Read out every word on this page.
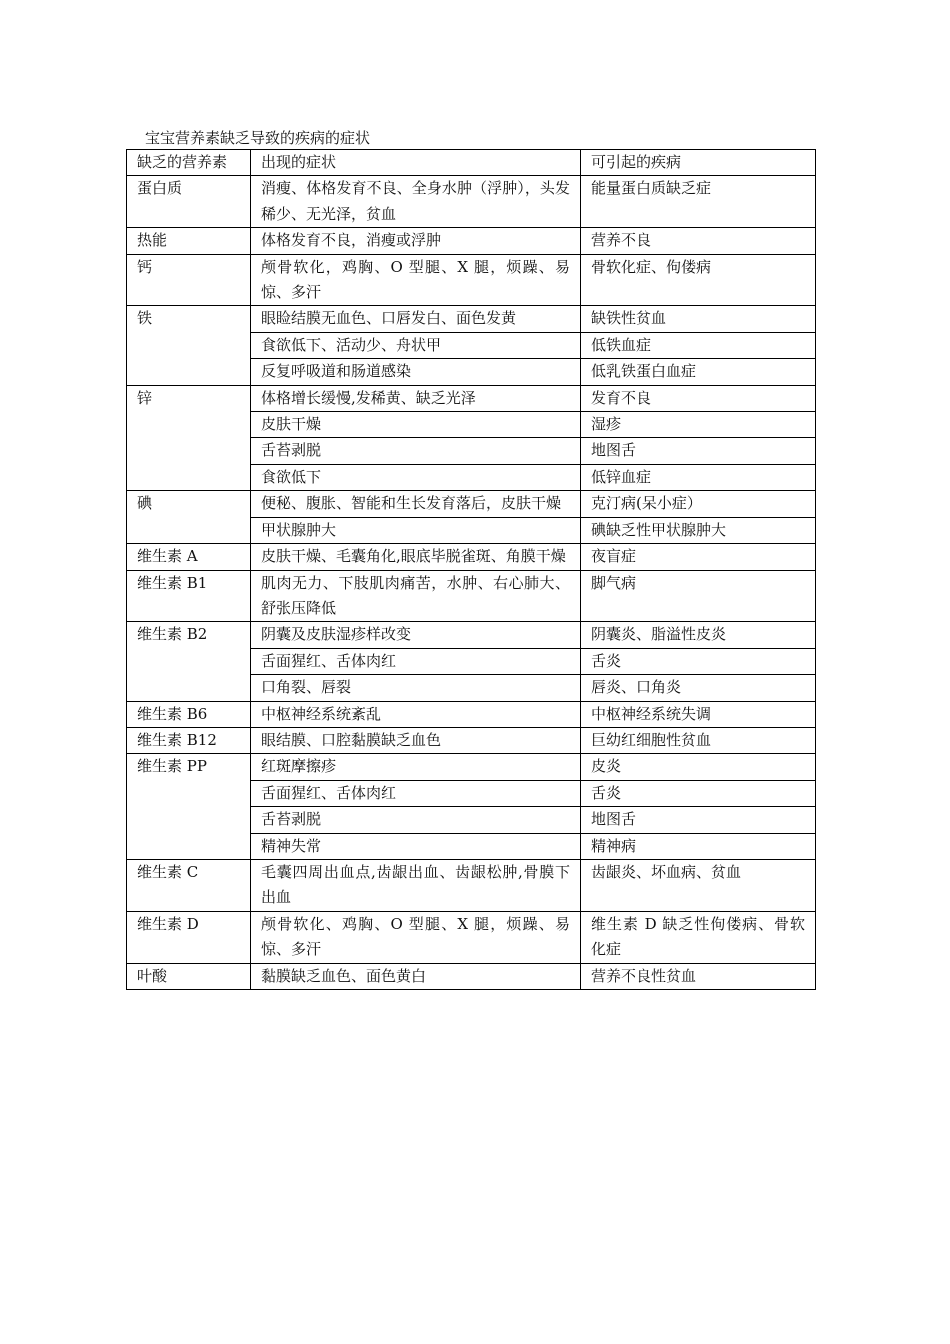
宝宝营养素缺乏导致的疾病的症状
缺乏的营养素	出现的症状	可引起的疾病
蛋白质	消瘦、体格发育不良、全身水肿（浮肿），头发稀少、无光泽，贫血	能量蛋白质缺乏症
热能	体格发育不良，消瘦或浮肿	营养不良
钙	颅骨软化，鸡胸、O 型腿、X 腿，烦躁、易惊、多汗	骨软化症、佝偻病
铁	眼睑结膜无血色、口唇发白、面色发黄	缺铁性贫血
	食欲低下、活动少、舟状甲	低铁血症
	反复呼吸道和肠道感染	低乳铁蛋白血症
锌	体格增长缓慢,发稀黄、缺乏光泽	发育不良
	皮肤干燥	湿疹
	舌苔剥脱	地图舌
	食欲低下	低锌血症
碘	便秘、腹胀、智能和生长发育落后，皮肤干燥	克汀病(呆小症）
	甲状腺肿大	碘缺乏性甲状腺肿大
维生素 A	皮肤干燥、毛囊角化,眼底毕脱雀斑、角膜干燥	夜盲症
维生素 B1	肌肉无力、下肢肌肉痛苦，水肿、右心肺大、舒张压降低	脚气病
维生素 B2	阴囊及皮肤湿疹样改变	阴囊炎、脂溢性皮炎
	舌面猩红、舌体肉红	舌炎
	口角裂、唇裂	唇炎、口角炎
维生素 B6	中枢神经系统紊乱	中枢神经系统失调
维生素 B12	眼结膜、口腔黏膜缺乏血色	巨幼红细胞性贫血
维生素 PP	红斑摩擦疹	皮炎
	舌面猩红、舌体肉红	舌炎
	舌苔剥脱	地图舌
	精神失常	精神病
维生素 C	毛囊四周出血点,齿龈出血、齿龈松肿,骨膜下出血	齿龈炎、坏血病、贫血
维生素 D	颅骨软化、鸡胸、O 型腿、X 腿，烦躁、易惊、多汗	维生素 D 缺乏性佝偻病、骨软化症
叶酸	黏膜缺乏血色、面色黄白	营养不良性贫血
